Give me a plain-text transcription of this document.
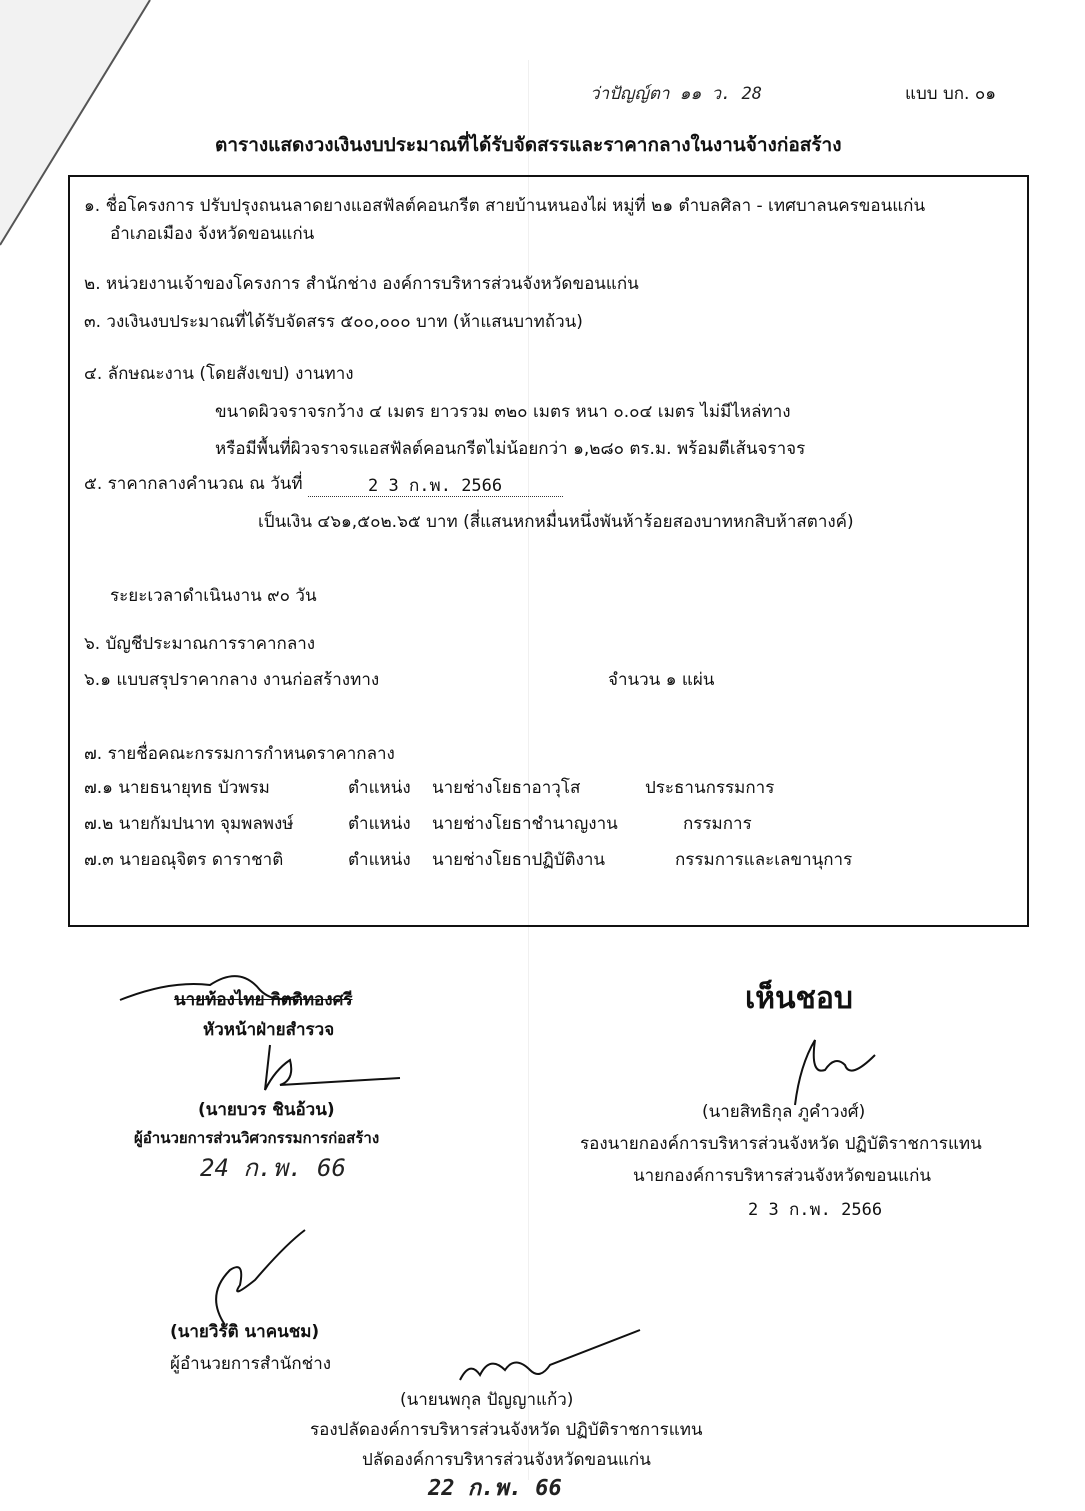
ว่าปัญญ์ตา ๑๑ ว. 28	แบบ บก. ๐๑
ตารางแสดงวงเงินงบประมาณที่ได้รับจัดสรรและราคากลางในงานจ้างก่อสร้าง
๑. ชื่อโครงการ ปรับปรุงถนนลาดยางแอสฟัลต์คอนกรีต สายบ้านหนองไผ่ หมู่ที่ ๒๑ ตำบลศิลา - เทศบาลนครขอนแก่น
อำเภอเมือง จังหวัดขอนแก่น
๒. หน่วยงานเจ้าของโครงการ สำนักช่าง องค์การบริหารส่วนจังหวัดขอนแก่น
๓. วงเงินงบประมาณที่ได้รับจัดสรร ๕๐๐,๐๐๐ บาท (ห้าแสนบาทถ้วน)
๔. ลักษณะงาน (โดยสังเขป) งานทาง
ขนาดผิวจราจรกว้าง ๔ เมตร ยาวรวม ๓๒๐ เมตร หนา ๐.๐๔ เมตร ไม่มีไหล่ทาง
หรือมีพื้นที่ผิวจราจรแอสฟัลต์คอนกรีตไม่น้อยกว่า ๑,๒๘๐ ตร.ม. พร้อมตีเส้นจราจร
๕. ราคากลางคำนวณ ณ วันที่	2 3 ก.พ. 2566
เป็นเงิน ๔๖๑,๕๐๒.๖๕ บาท (สี่แสนหกหมื่นหนึ่งพันห้าร้อยสองบาทหกสิบห้าสตางค์)
ระยะเวลาดำเนินงาน ๙๐ วัน
๖. บัญชีประมาณการราคากลาง
๖.๑ แบบสรุปราคากลาง งานก่อสร้างทาง	จำนวน ๑ แผ่น
๗. รายชื่อคณะกรรมการกำหนดราคากลาง
๗.๑ นายธนายุทธ บัวพรม	ตำแหน่ง นายช่างโยธาอาวุโส	ประธานกรรมการ
๗.๒ นายกัมปนาท จุมพลพงษ์	ตำแหน่ง นายช่างโยธาชำนาญงาน	กรรมการ
๗.๓ นายอณุจิตร ดาราชาติ	ตำแหน่ง นายช่างโยธาปฏิบัติงาน	กรรมการและเลขานุการ
นายท้องไทย กิตติทองศรี
หัวหน้าฝ่ายสำรวจ
(นายบวร ชินอ้วน)
ผู้อำนวยการส่วนวิศวกรรมการก่อสร้าง
24 ก.พ. 66
เห็นชอบ
(นายสิทธิกุล ภูคำวงศ์)
รองนายกองค์การบริหารส่วนจังหวัด ปฏิบัติราชการแทน
นายกองค์การบริหารส่วนจังหวัดขอนแก่น
2 3 ก.พ. 2566
(นายวิรัติ นาคนชม)
ผู้อำนวยการสำนักช่าง
(นายนพกุล ปัญญาแก้ว)
รองปลัดองค์การบริหารส่วนจังหวัด ปฏิบัติราชการแทน
ปลัดองค์การบริหารส่วนจังหวัดขอนแก่น
22 ก.พ. 66
